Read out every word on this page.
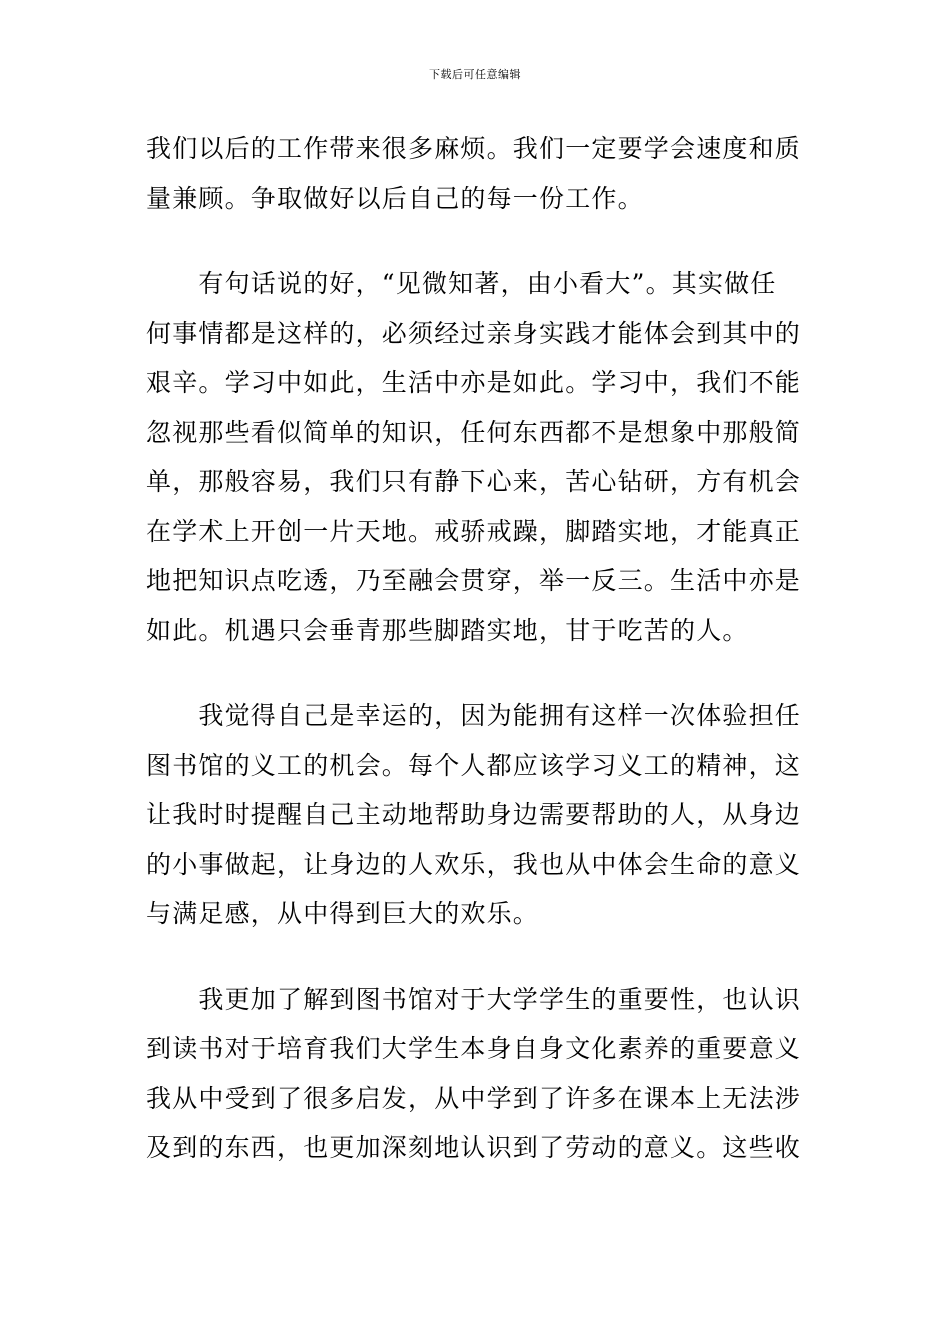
下载后可任意编辑
我们以后的工作带来很多麻烦。我们一定要学会速度和质
量兼顾。争取做好以后自己的每一份工作。
　　有句话说的好，“见微知著，由小看大”。其实做任
何事情都是这样的，必须经过亲身实践才能体会到其中的
艰辛。学习中如此，生活中亦是如此。学习中，我们不能
忽视那些看似简单的知识，任何东西都不是想象中那般简
单，那般容易，我们只有静下心来，苦心钻研，方有机会
在学术上开创一片天地。戒骄戒躁，脚踏实地，才能真正
地把知识点吃透，乃至融会贯穿，举一反三。生活中亦是
如此。机遇只会垂青那些脚踏实地，甘于吃苦的人。
　　我觉得自己是幸运的，因为能拥有这样一次体验担任
图书馆的义工的机会。每个人都应该学习义工的精神，这
让我时时提醒自己主动地帮助身边需要帮助的人，从身边
的小事做起，让身边的人欢乐，我也从中体会生命的意义
与满足感，从中得到巨大的欢乐。
　　我更加了解到图书馆对于大学学生的重要性，也认识
到读书对于培育我们大学生本身自身文化素养的重要意义
我从中受到了很多启发，从中学到了许多在课本上无法涉
及到的东西，也更加深刻地认识到了劳动的意义。这些收
